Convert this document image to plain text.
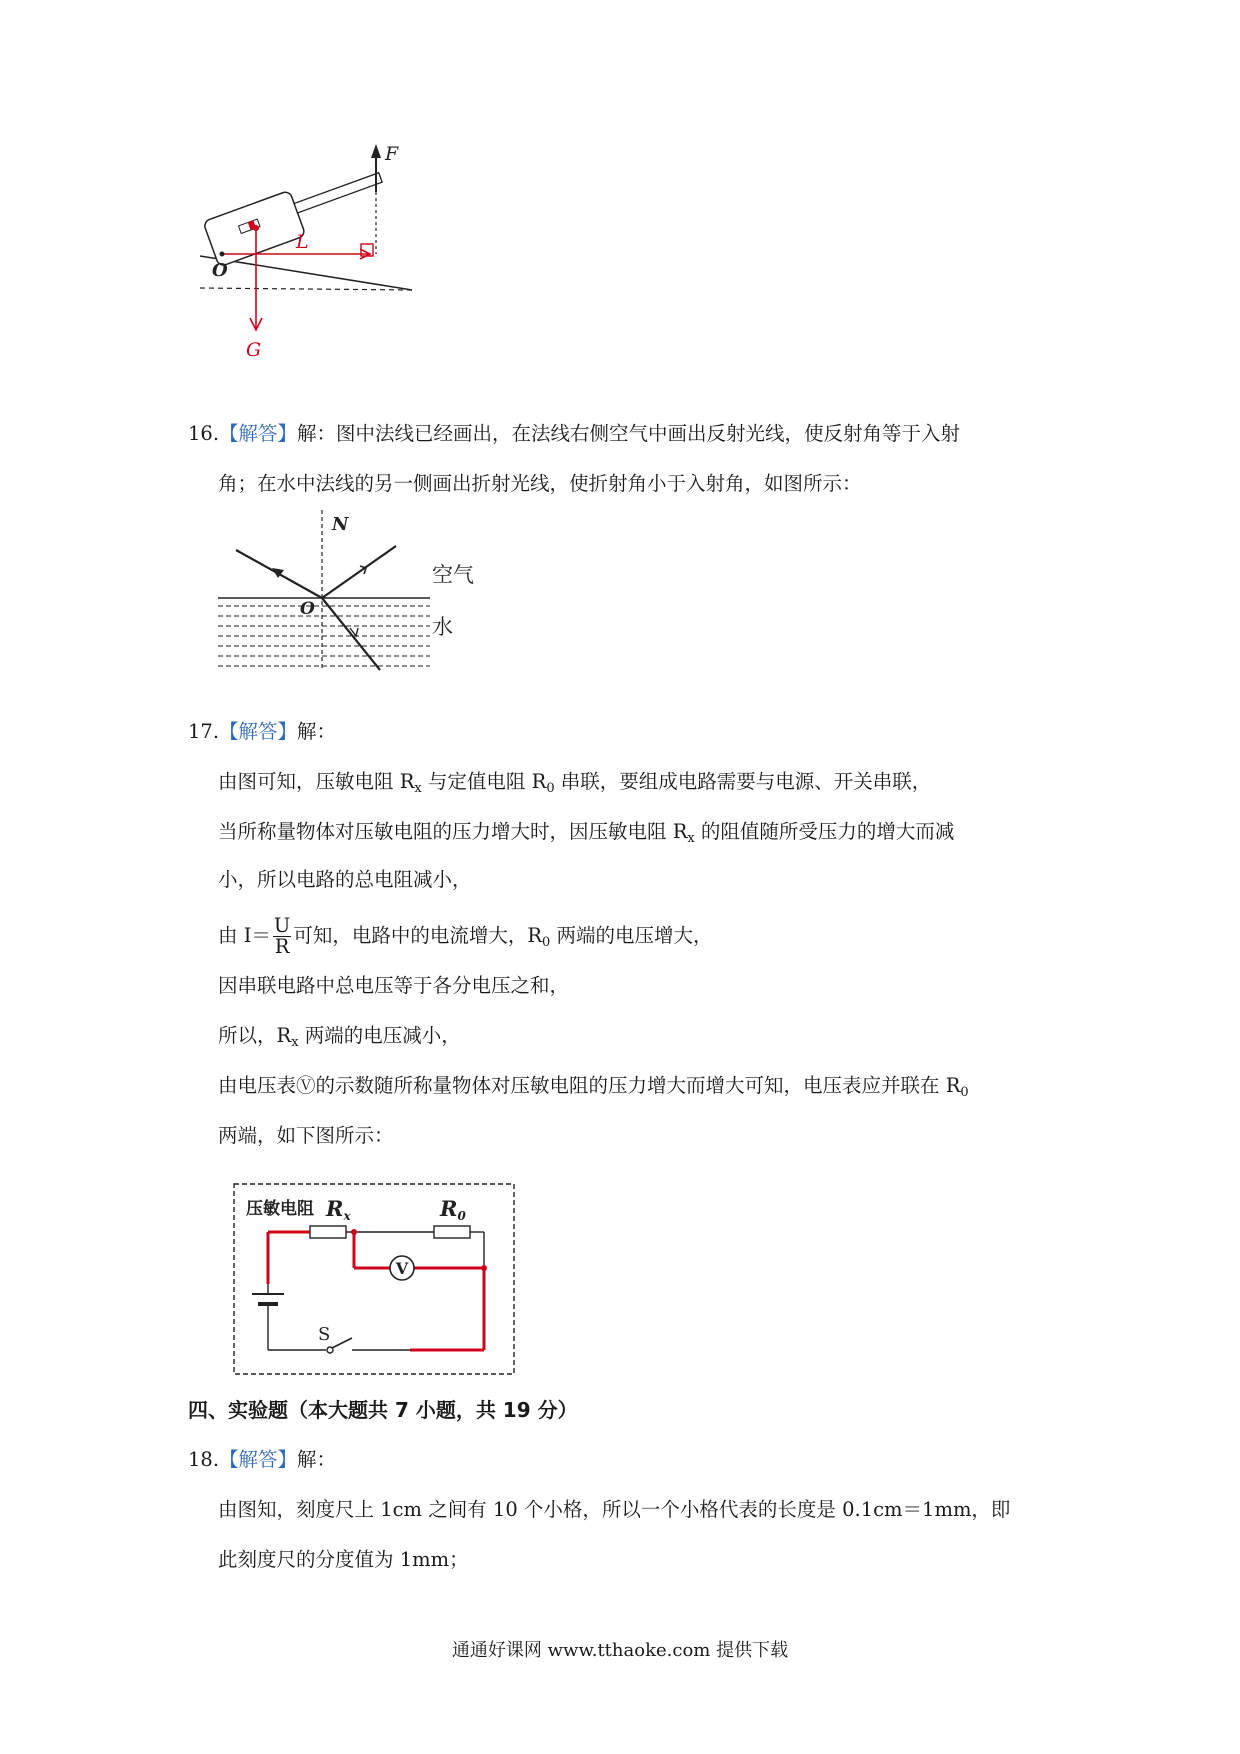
F
L
G
O
16.【解答】解：图中法线已经画出，在法线右侧空气中画出反射光线，使反射角等于入射
角；在水中法线的另一侧画出折射光线，使折射角小于入射角，如图所示：
N
空气
O
水
17.【解答】解：
由图可知，压敏电阻 $R_x$ 与定值电阻 $R_0$ 串联，要组成电路需要与电源、开关串联，
当所称量物体对压敏电阻的压力增大时，因压敏电阻 $R_x$ 的阻值随所受压力的增大而减
小，所以电路的总电阻减小，
由 $I= \frac{U}{R}$ 可知，电路中的电流增大，$R_0$ 两端的电压增大，
因串联电路中总电压等于各分电压之和，
所以，$R_x$ 两端的电压减小，
由电压表Ⓥ的示数随所称量物体对压敏电阻的压力增大而增大可知，电压表应并联在 $R_0$
两端，如下图所示：
压敏电阻 Rx	R0
S
V
四、实验题（本大题共 7 小题，共 19 分）
18.【解答】解：
由图知，刻度尺上 1cm 之间有 10 个小格，所以一个小格代表的长度是 0.1cm＝1mm，即
此刻度尺的分度值为 1mm；
通通好课网 www.tthaoke.com 提供下载
